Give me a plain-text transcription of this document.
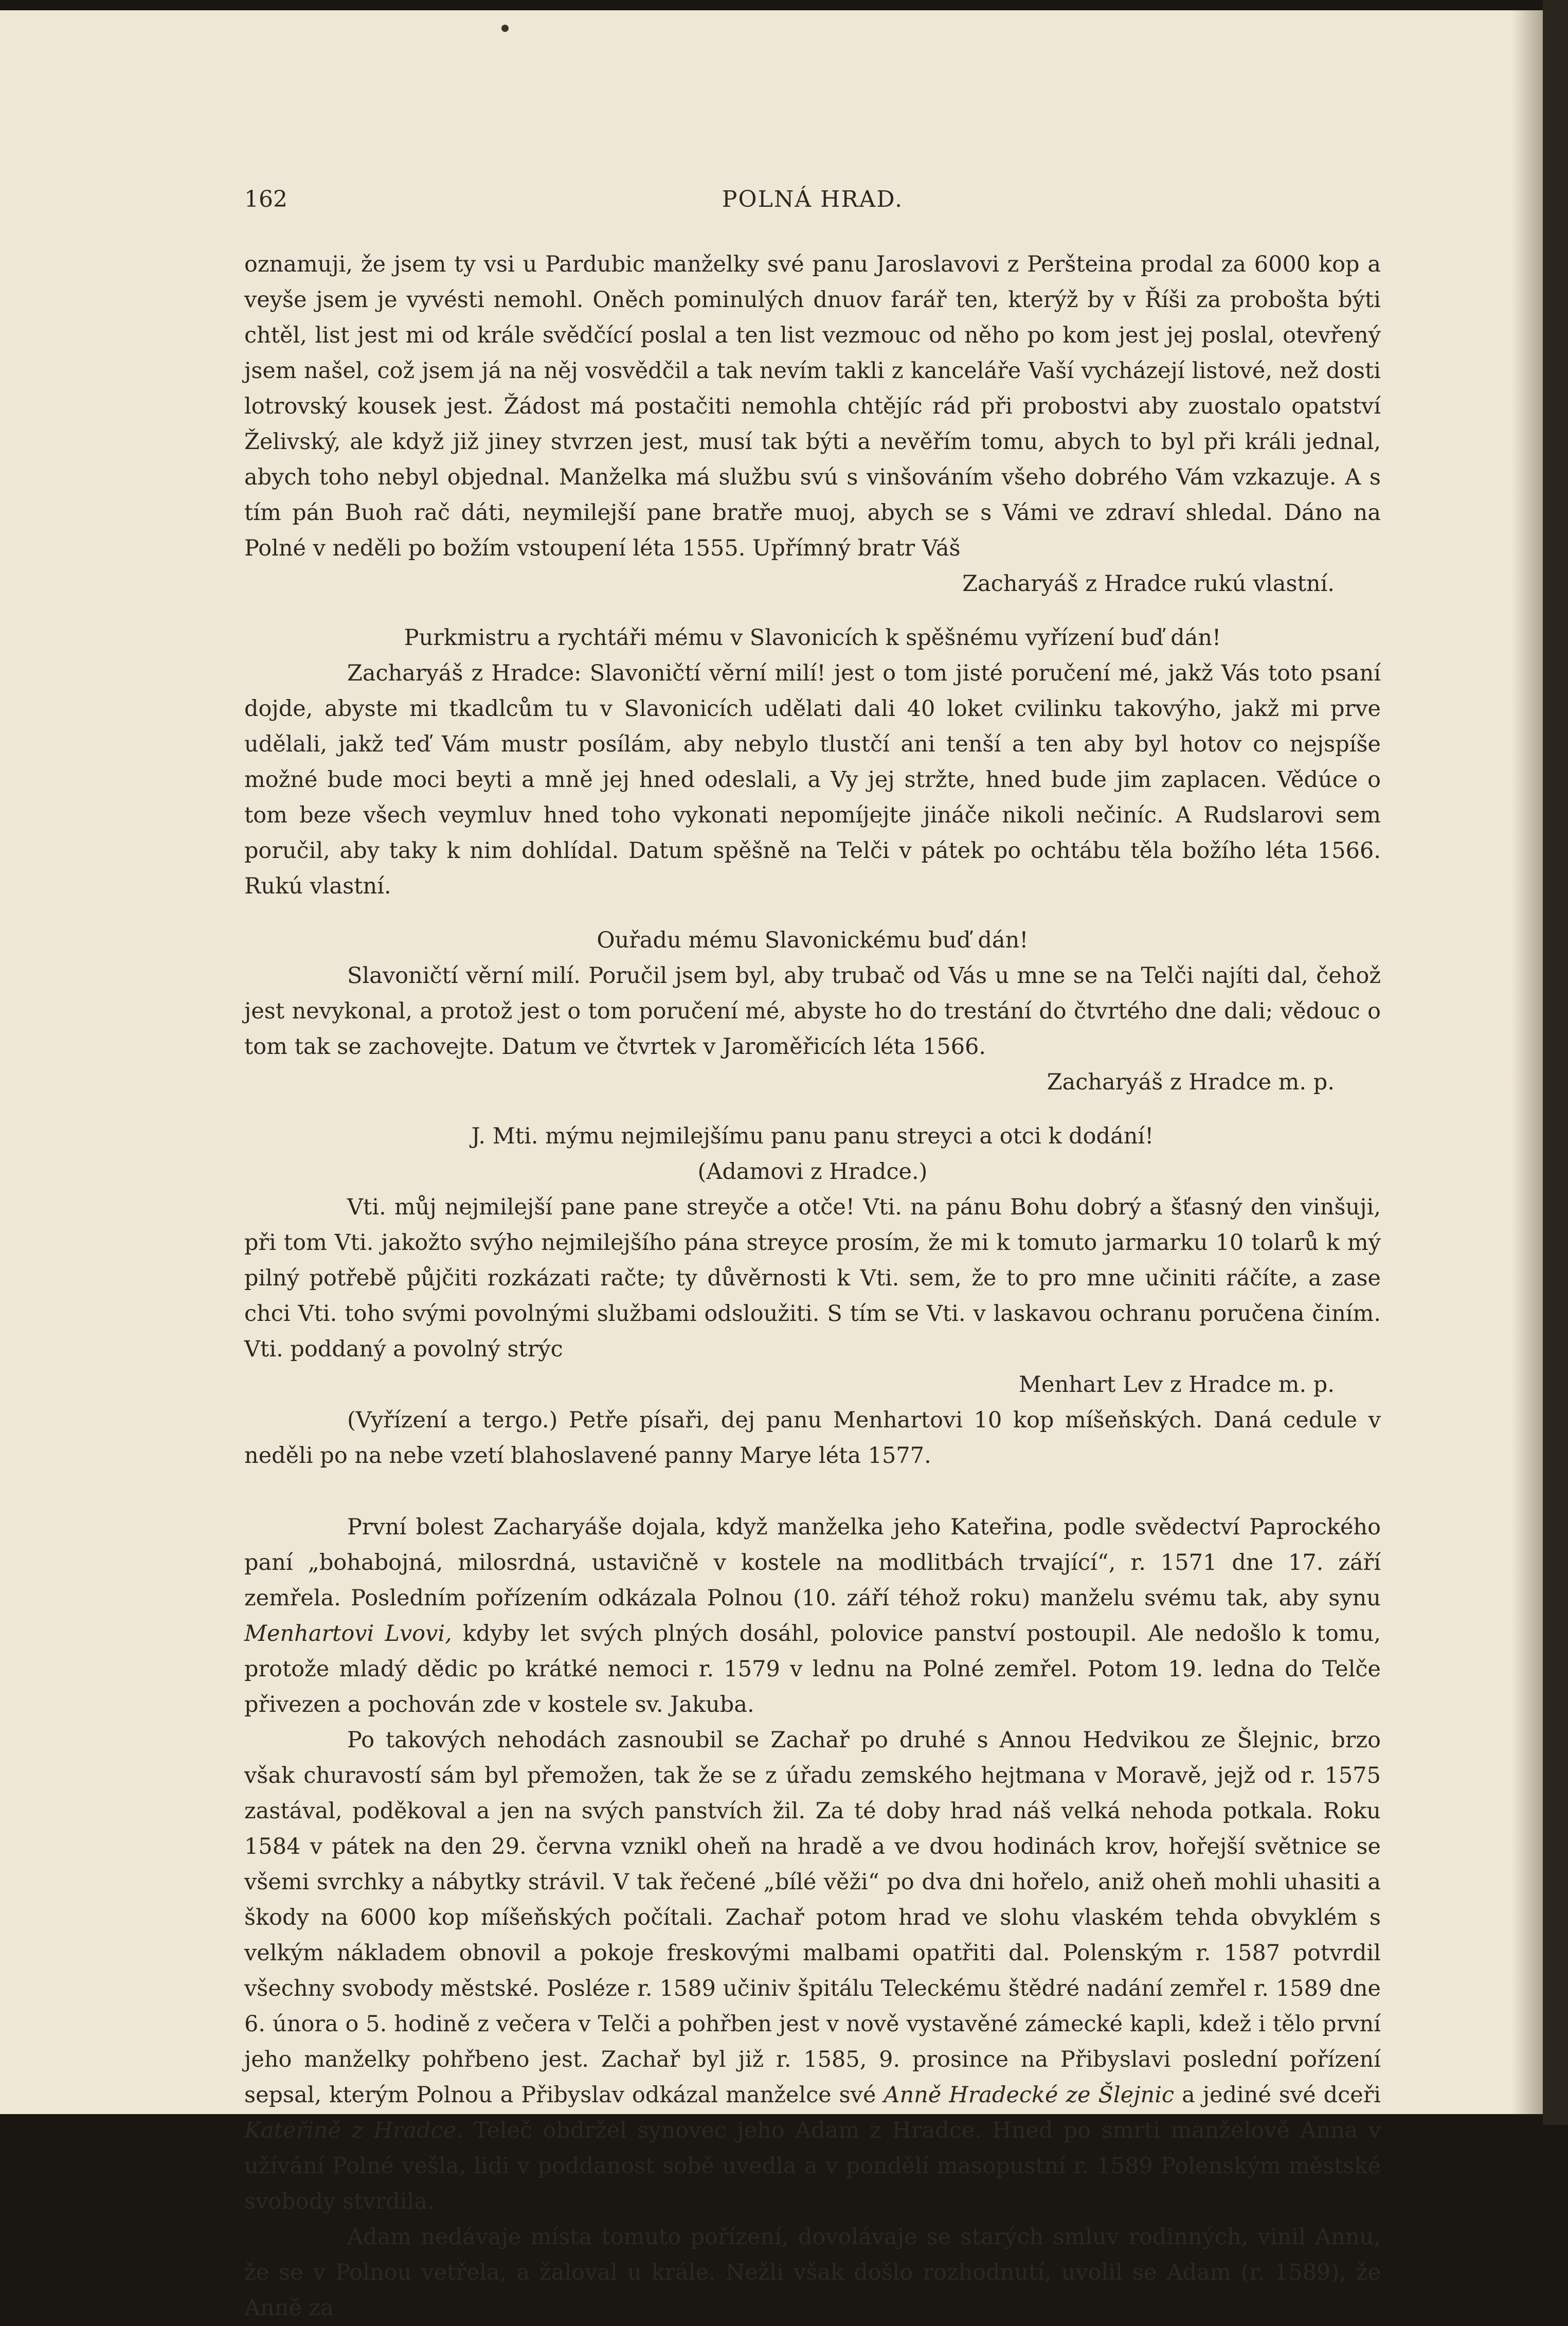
162	POLNÁ HRAD.

oznamuji, že jsem ty vsi u Pardubic manželky své panu Jaroslavovi z Peršteina prodal za 6000 kop a veyše jsem je vyvésti nemohl. Oněch pominulých dnuov farář ten, kterýž by v Říši za probošta býti chtěl, list jest mi od krále svědčící poslal a ten list vezmouc od něho po kom jest jej poslal, otevřený jsem našel, což jsem já na něj vosvědčil a tak nevím takli z kanceláře Vaší vycházejí listové, než dosti lotrovský kousek jest. Žádost má postačiti nemohla chtějíc rád při probostvi aby zuostalo opatství Želivský, ale když již jiney stvrzen jest, musí tak býti a nevěřím tomu, abych to byl při králi jednal, abych toho nebyl objednal. Manželka má službu svú s vinšováním všeho dobrého Vám vzkazuje. A s tím pán Buoh rač dáti, neymilejší pane bratře muoj, abych se s Vámi ve zdraví shledal. Dáno na Polné v neděli po božím vstoupení léta 1555. Upřímný bratr Váš

Zacharyáš z Hradce rukú vlastní.

Purkmistru a rychtáři mému v Slavonicích k spěšnému vyřízení buď dán!

Zacharyáš z Hradce: Slavoničtí věrní milí! jest o tom jisté poručení mé, jakž Vás toto psaní dojde, abyste mi tkadlcům tu v Slavonicích udělati dali 40 loket cvilinku takovýho, jakž mi prve udělali, jakž teď Vám mustr posílám, aby nebylo tlustčí ani tenší a ten aby byl hotov co nejspíše možné bude moci beyti a mně jej hned odeslali, a Vy jej stržte, hned bude jim zaplacen. Vědúce o tom beze všech veymluv hned toho vykonati nepomíjejte jináče nikoli nečiníc. A Rudslarovi sem poručil, aby taky k nim dohlídal. Datum spěšně na Telči v pátek po ochtábu těla božího léta 1566. Rukú vlastní.

Ouřadu mému Slavonickému buď dán!

Slavoničtí věrní milí. Poručil jsem byl, aby trubač od Vás u mne se na Telči najíti dal, čehož jest nevykonal, a protož jest o tom poručení mé, abyste ho do trestání do čtvrtého dne dali; vědouc o tom tak se zachovejte. Datum ve čtvrtek v Jaroměřicích léta 1566.

Zacharyáš z Hradce m. p.

J. Mti. mýmu nejmilejšímu panu panu streyci a otci k dodání!

(Adamovi z Hradce.)

Vti. můj nejmilejší pane pane streyče a otče! Vti. na pánu Bohu dobrý a šťasný den vinšuji, při tom Vti. jakožto svýho nejmilejšího pána streyce prosím, že mi k tomuto jarmarku 10 tolarů k mý pilný potřebě půjčiti rozkázati račte; ty důvěrnosti k Vti. sem, že to pro mne učiniti ráčíte, a zase chci Vti. toho svými povolnými službami odsloužiti. S tím se Vti. v laskavou ochranu poručena činím. Vti. poddaný a povolný strýc

Menhart Lev z Hradce m. p.

(Vyřízení a tergo.) Petře písaři, dej panu Menhartovi 10 kop míšeňských. Daná cedule v neděli po na nebe vzetí blahoslavené panny Marye léta 1577.

První bolest Zacharyáše dojala, když manželka jeho Kateřina, podle svědectví Paprockého paní „bohabojná, milosrdná, ustavičně v kostele na modlitbách trvající“, r. 1571 dne 17. září zemřela. Posledním pořízením odkázala Polnou (10. září téhož roku) manželu svému tak, aby synu Menhartovi Lvovi, kdyby let svých plných dosáhl, polovice panství postoupil. Ale nedošlo k tomu, protože mladý dědic po krátké nemoci r. 1579 v lednu na Polné zemřel. Potom 19. ledna do Telče přivezen a pochován zde v kostele sv. Jakuba.

Po takových nehodách zasnoubil se Zachař po druhé s Annou Hedvikou ze Šlejnic, brzo však churavostí sám byl přemožen, tak že se z úřadu zemského hejtmana v Moravě, jejž od r. 1575 zastával, poděkoval a jen na svých panstvích žil. Za té doby hrad náš velká nehoda potkala. Roku 1584 v pátek na den 29. června vznikl oheň na hradě a ve dvou hodinách krov, hořejší světnice se všemi svrchky a nábytky strávil. V tak řečené „bílé věži“ po dva dni hořelo, aniž oheň mohli uhasiti a škody na 6000 kop míšeňských počítali. Zachař potom hrad ve slohu vlaském tehda obvyklém s velkým nákladem obnovil a pokoje freskovými malbami opatřiti dal. Polenským r. 1587 potvrdil všechny svobody městské. Posléze r. 1589 učiniv špitálu Teleckému štědré nadání zemřel r. 1589 dne 6. února o 5. hodině z večera v Telči a pohřben jest v nově vystavěné zámecké kapli, kdež i tělo první jeho manželky pohřbeno jest. Zachař byl již r. 1585, 9. prosince na Přibyslavi poslední pořízení sepsal, kterým Polnou a Přibyslav odkázal manželce své Anně Hradecké ze Šlejnic a jediné své dceři Kateřině z Hradce. Teleč obdržel synovec jeho Adam z Hradce. Hned po smrti manželově Anna v užívání Polné vešla, lidi v poddanost sobě uvedla a v pondělí masopustní r. 1589 Polenským městské svobody stvrdila.

Adam nedávaje místa tomuto pořízení, dovolávaje se starých smluv rodinných, vinil Annu, že se v Polnou vetřela, a žaloval u krále. Nežli však došlo rozhodnutí, uvolil se Adam (r. 1589), že Anně za
